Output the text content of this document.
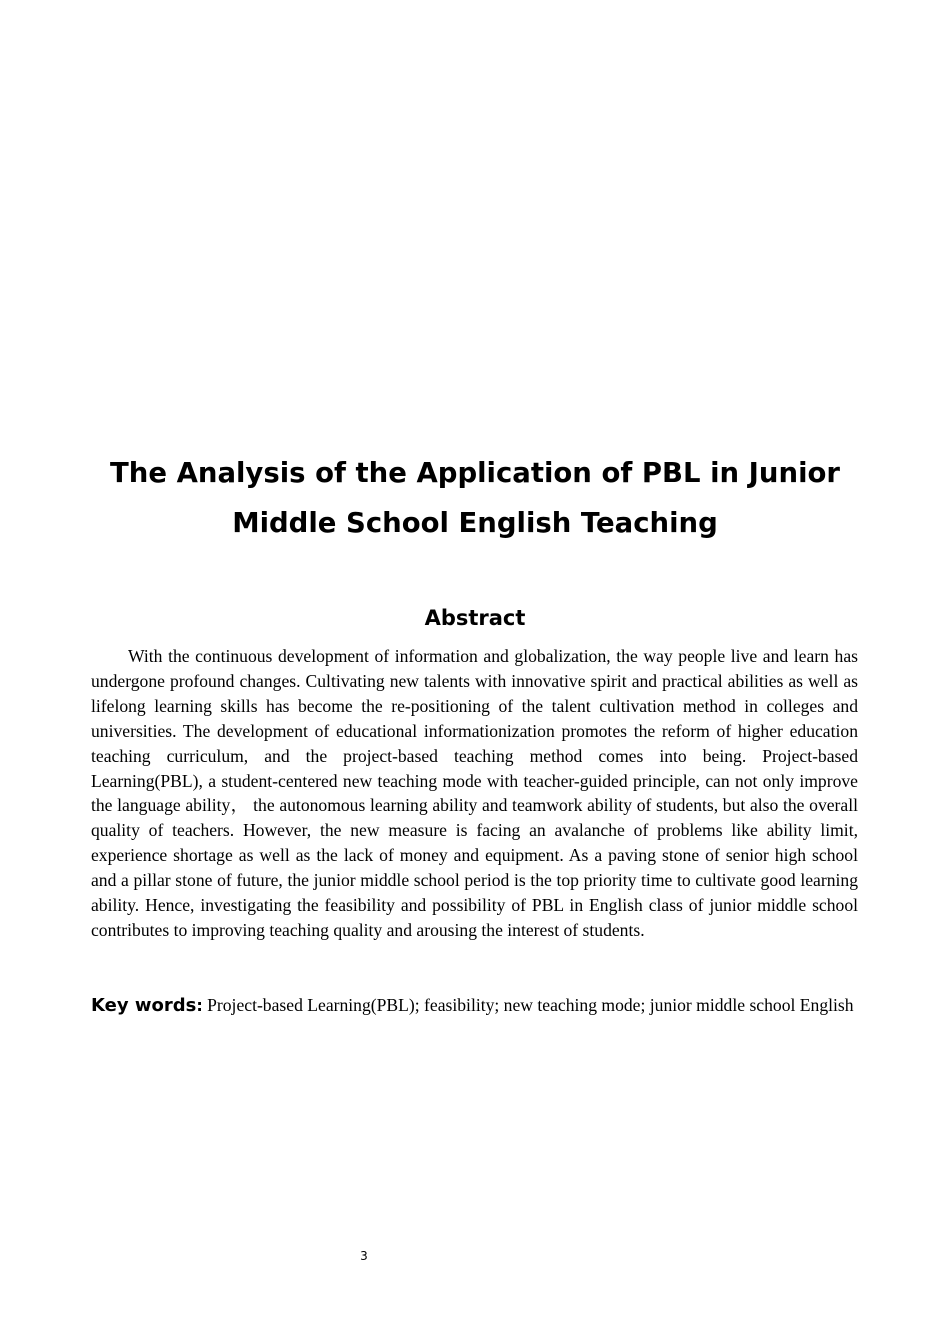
The Analysis of the Application of PBL in Junior Middle School English Teaching
Abstract

With the continuous development of information and globalization, the way people live and learn has undergone profound changes. Cultivating new talents with innovative spirit and practical abilities as well as lifelong learning skills has become the re-positioning of the talent cultivation method in colleges and universities. The development of educational informationization promotes the reform of higher education teaching curriculum, and the project-based teaching method comes into being. Project-based Learning(PBL), a student-centered new teaching mode with teacher-guided principle, can not only improve the language ability， the autonomous learning ability and teamwork ability of students, but also the overall quality of teachers. However, the new measure is facing an avalanche of problems like ability limit, experience shortage as well as the lack of money and equipment. As a paving stone of senior high school and a pillar stone of future, the junior middle school period is the top priority time to cultivate good learning ability. Hence, investigating the feasibility and possibility of PBL in English class of junior middle school contributes to improving teaching quality and arousing the interest of students.

Key words: Project-based Learning(PBL); feasibility; new teaching mode; junior middle school English

3
